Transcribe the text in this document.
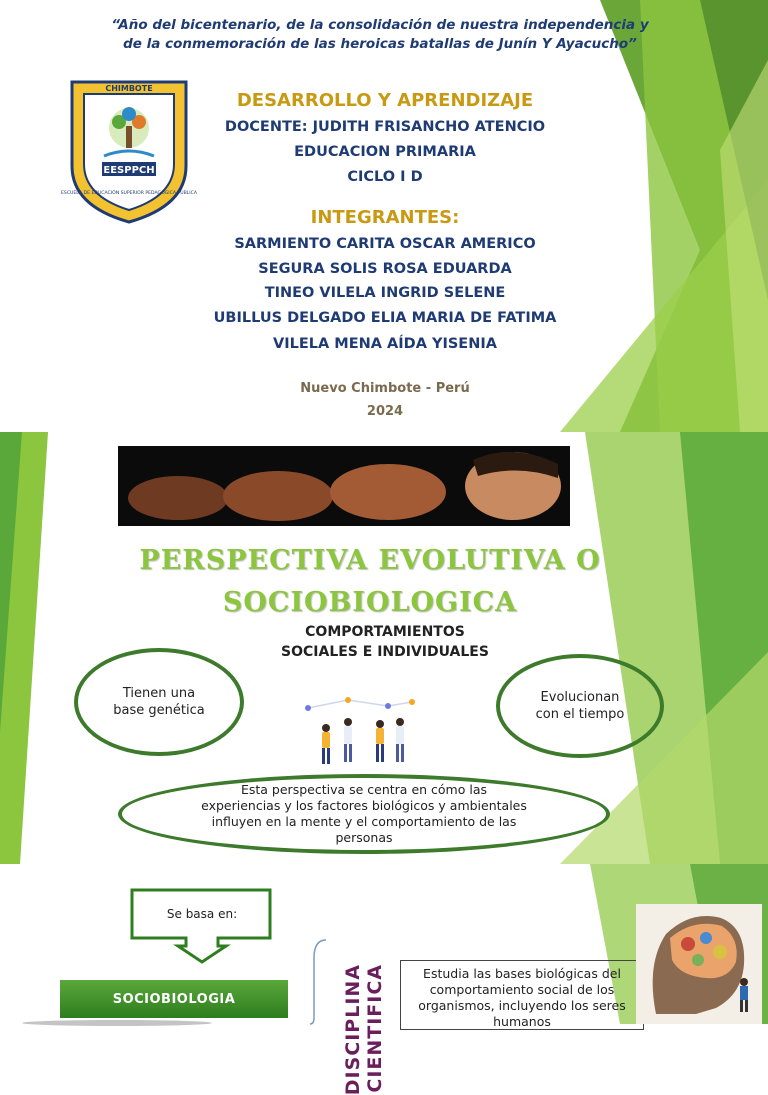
“Año del bicentenario, de la consolidación de nuestra independencia y
de la conmemoración de las heroicas batallas de Junín Y Ayacucho”
CHIMBOTE
EESPPCH
ESCUELA DE EDUCACIÓN SUPERIOR PEDAGÓGICA PÚBLICA
DESARROLLO Y APRENDIZAJE
DOCENTE: JUDITH FRISANCHO ATENCIO
EDUCACION PRIMARIA
CICLO I D
INTEGRANTES:
SARMIENTO CARITA OSCAR AMERICO
SEGURA SOLIS ROSA EDUARDA
TINEO VILELA INGRID SELENE
UBILLUS DELGADO ELIA MARIA DE FATIMA
VILELA MENA AÍDA YISENIA
Nuevo Chimbote - Perú
2024
PERSPECTIVA EVOLUTIVA O
SOCIOBIOLOGICA
COMPORTAMIENTOS
SOCIALES E INDIVIDUALES
Tienen una
base genética
Evolucionan
con el tiempo
Esta perspectiva se centra en cómo las
experiencias y los factores biológicos y ambientales
influyen en la mente y el comportamiento de las
personas
Se basa en:
SOCIOBIOLOGIA	DISCIPLINA CIENTIFICA	Estudia las bases biológicas del
comportamiento social de los
organismos, incluyendo los seres
humanos
